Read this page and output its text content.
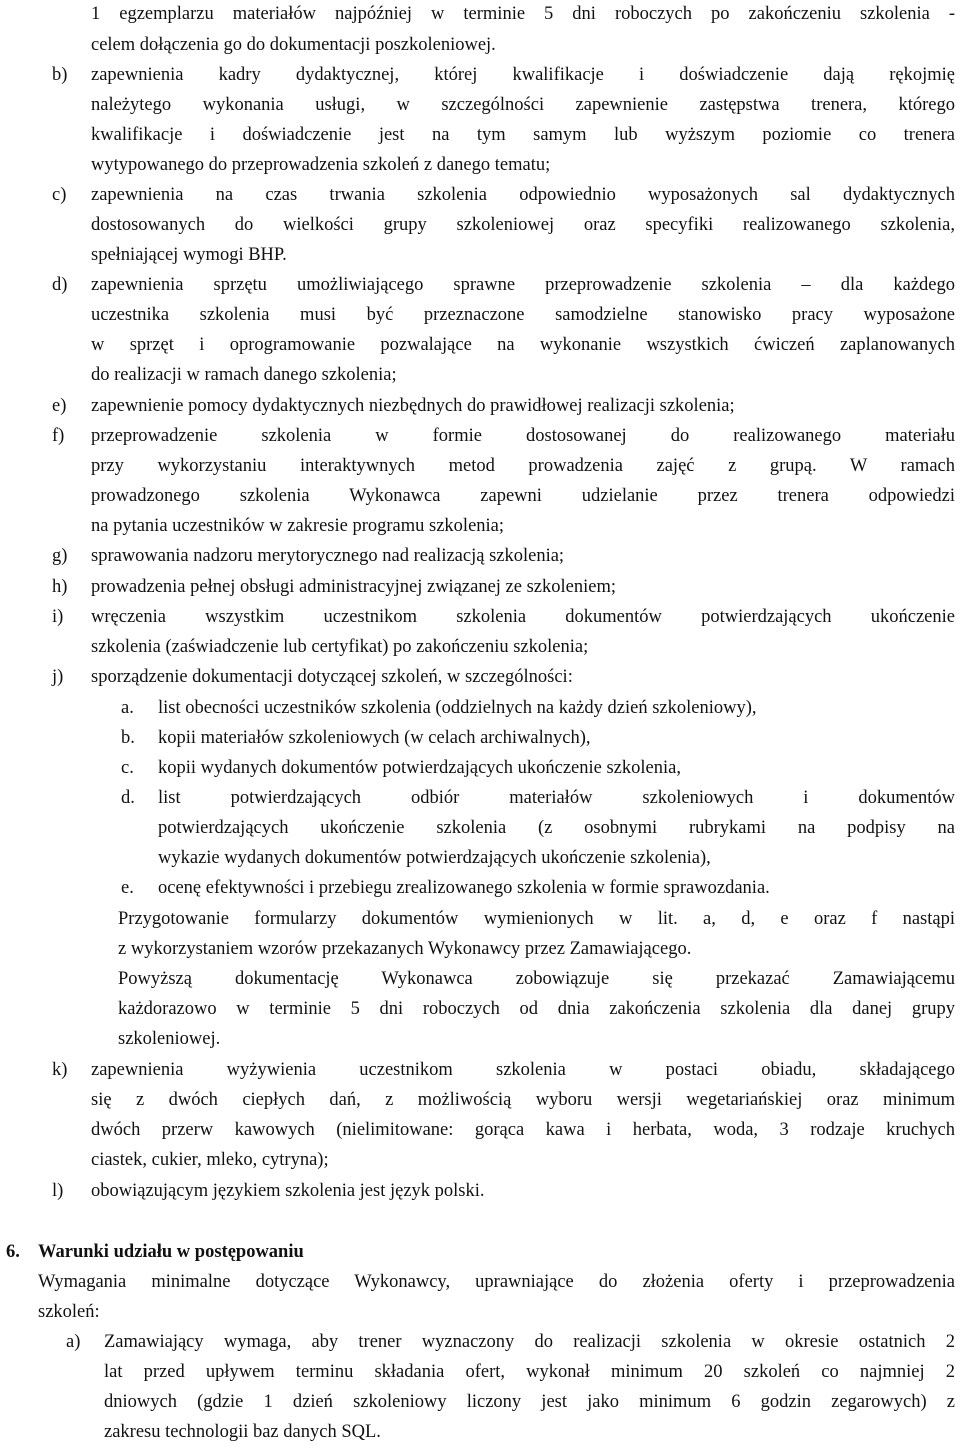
1 egzemplarzu materiałów najpóźniej w terminie 5 dni roboczych po zakończeniu szkolenia -
celem dołączenia go do dokumentacji poszkoleniowej.
b) zapewnienia kadry dydaktycznej, której kwalifikacje i doświadczenie dają rękojmię
należytego wykonania usługi, w szczególności zapewnienie zastępstwa trenera, którego
kwalifikacje i doświadczenie jest na tym samym lub wyższym poziomie co trenera
wytypowanego do przeprowadzenia szkoleń z danego tematu;
c) zapewnienia na czas trwania szkolenia odpowiednio wyposażonych sal dydaktycznych
dostosowanych do wielkości grupy szkoleniowej oraz specyfiki realizowanego szkolenia,
spełniającej wymogi BHP.
d) zapewnienia sprzętu umożliwiającego sprawne przeprowadzenie szkolenia – dla każdego
uczestnika szkolenia musi być przeznaczone samodzielne stanowisko pracy wyposażone
w sprzęt i oprogramowanie pozwalające na wykonanie wszystkich ćwiczeń zaplanowanych
do realizacji w ramach danego szkolenia;
e) zapewnienie pomocy dydaktycznych niezbędnych do prawidłowej realizacji szkolenia;
f) przeprowadzenie szkolenia w formie dostosowanej do realizowanego materiału
przy wykorzystaniu interaktywnych metod prowadzenia zajęć z grupą. W ramach
prowadzonego szkolenia Wykonawca zapewni udzielanie przez trenera odpowiedzi
na pytania uczestników w zakresie programu szkolenia;
g) sprawowania nadzoru merytorycznego nad realizacją szkolenia;
h) prowadzenia pełnej obsługi administracyjnej związanej ze szkoleniem;
i) wręczenia wszystkim uczestnikom szkolenia dokumentów potwierdzających ukończenie
szkolenia (zaświadczenie lub certyfikat) po zakończeniu szkolenia;
j) sporządzenie dokumentacji dotyczącej szkoleń, w szczególności:
a. list obecności uczestników szkolenia (oddzielnych na każdy dzień szkoleniowy),
b. kopii materiałów szkoleniowych (w celach archiwalnych),
c. kopii wydanych dokumentów potwierdzających ukończenie szkolenia,
d. list potwierdzających odbiór materiałów szkoleniowych i dokumentów
potwierdzających ukończenie szkolenia (z osobnymi rubrykami na podpisy na
wykazie wydanych dokumentów potwierdzających ukończenie szkolenia),
e. ocenę efektywności i przebiegu zrealizowanego szkolenia w formie sprawozdania.
Przygotowanie formularzy dokumentów wymienionych w lit. a, d, e oraz f nastąpi
z wykorzystaniem wzorów przekazanych Wykonawcy przez Zamawiającego.
Powyższą dokumentację Wykonawca zobowiązuje się przekazać Zamawiającemu
każdorazowo w terminie 5 dni roboczych od dnia zakończenia szkolenia dla danej grupy
szkoleniowej.
k) zapewnienia wyżywienia uczestnikom szkolenia w postaci obiadu, składającego
się z dwóch ciepłych dań, z możliwością wyboru wersji wegetariańskiej oraz minimum
dwóch przerw kawowych (nielimitowane: gorąca kawa i herbata, woda, 3 rodzaje kruchych
ciastek, cukier, mleko, cytryna);
l) obowiązującym językiem szkolenia jest język polski.
6. Warunki udziału w postępowaniu
Wymagania minimalne dotyczące Wykonawcy, uprawniające do złożenia oferty i przeprowadzenia
szkoleń:
a) Zamawiający wymaga, aby trener wyznaczony do realizacji szkolenia w okresie ostatnich 2
lat przed upływem terminu składania ofert, wykonał minimum 20 szkoleń co najmniej 2
dniowych (gdzie 1 dzień szkoleniowy liczony jest jako minimum 6 godzin zegarowych) z
zakresu technologii baz danych SQL.
